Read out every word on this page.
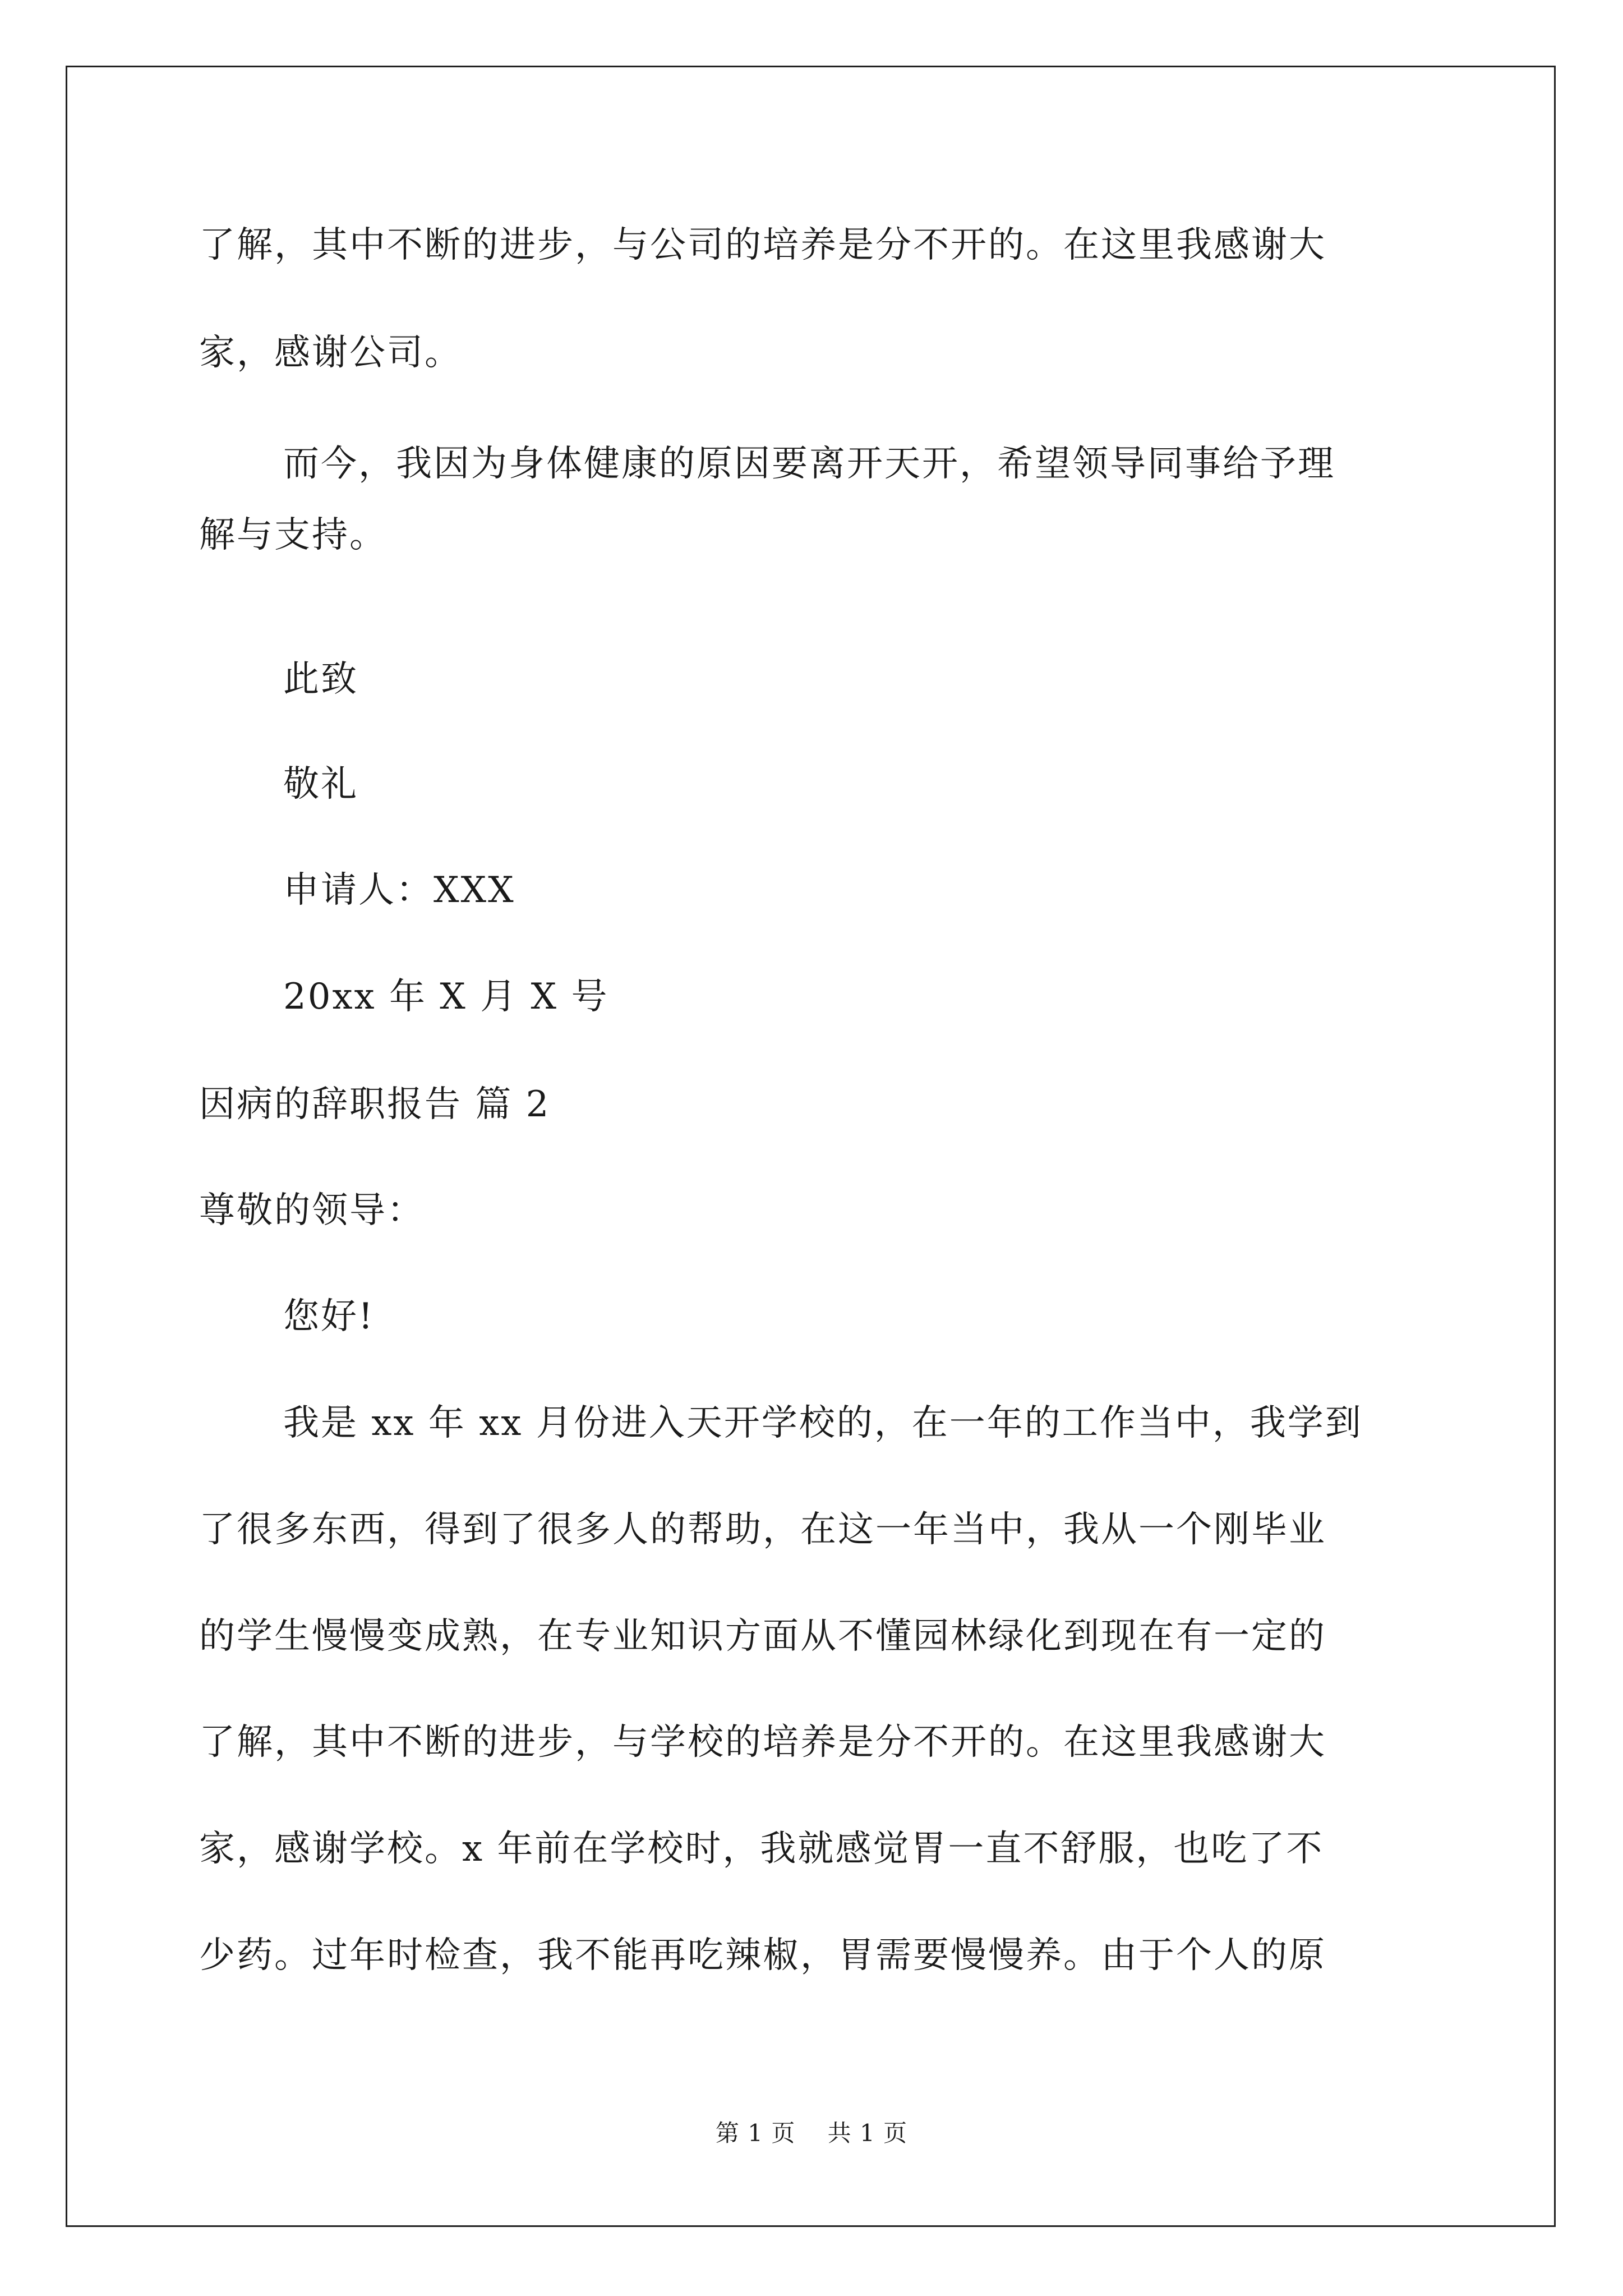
了解，其中不断的进步，与公司的培养是分不开的。在这里我感谢大
家，感谢公司。
而今，我因为身体健康的原因要离开天开，希望领导同事给予理
解与支持。
此致
敬礼
申请人：XXX
20xx 年 X 月 X 号
因病的辞职报告 篇 2
尊敬的领导：
您好!
我是 xx 年 xx 月份进入天开学校的，在一年的工作当中，我学到
了很多东西，得到了很多人的帮助，在这一年当中，我从一个刚毕业
的学生慢慢变成熟，在专业知识方面从不懂园林绿化到现在有一定的
了解，其中不断的进步，与学校的培养是分不开的。在这里我感谢大
家，感谢学校。x 年前在学校时，我就感觉胃一直不舒服，也吃了不
少药。过年时检查，我不能再吃辣椒，胃需要慢慢养。由于个人的原
第 1 页　 共 1 页
